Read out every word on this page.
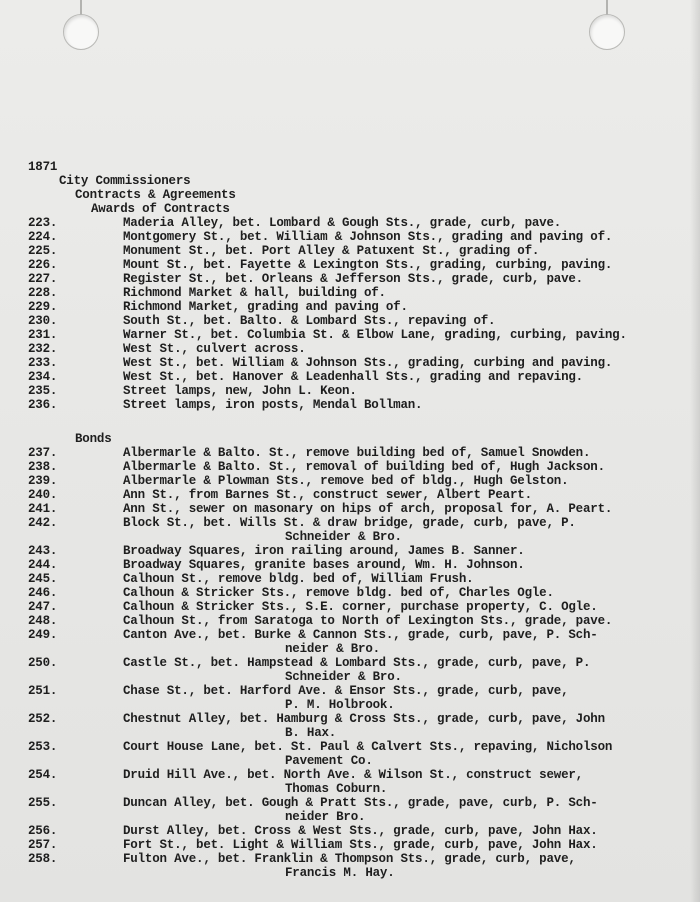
1871
City Commissioners
Contracts & Agreements
Awards of Contracts
223.	Maderia Alley, bet. Lombard & Gough Sts., grade, curb, pave.
224.	Montgomery St., bet. William & Johnson Sts., grading and paving of.
225.	Monument St., bet. Port Alley & Patuxent St., grading of.
226.	Mount St., bet. Fayette & Lexington Sts., grading, curbing, paving.
227.	Register St., bet. Orleans & Jefferson Sts., grade, curb, pave.
228.	Richmond Market & hall, building of.
229.	Richmond Market, grading and paving of.
230.	South St., bet. Balto. & Lombard Sts., repaving of.
231.	Warner St., bet. Columbia St. & Elbow Lane, grading, curbing, paving.
232.	West St., culvert across.
233.	West St., bet. William & Johnson Sts., grading, curbing and paving.
234.	West St., bet. Hanover & Leadenhall Sts., grading and repaving.
235.	Street lamps, new, John L. Keon.
236.	Street lamps, iron posts, Mendal Bollman.
Bonds
237.	Albermarle & Balto. St., remove building bed of, Samuel Snowden.
238.	Albermarle & Balto. St., removal of building bed of, Hugh Jackson.
239.	Albermarle & Plowman Sts., remove bed of bldg., Hugh Gelston.
240.	Ann St., from Barnes St., construct sewer, Albert Peart.
241.	Ann St., sewer on masonary on hips of arch, proposal for, A. Peart.
242.	Block St., bet. Wills St. & draw bridge, grade, curb, pave, P.
Schneider & Bro.
243.	Broadway Squares, iron railing around, James B. Sanner.
244.	Broadway Squares, granite bases around, Wm. H. Johnson.
245.	Calhoun St., remove bldg. bed of, William Frush.
246.	Calhoun & Stricker Sts., remove bldg. bed of, Charles Ogle.
247.	Calhoun & Stricker Sts., S.E. corner, purchase property, C. Ogle.
248.	Calhoun St., from Saratoga to North of Lexington Sts., grade, pave.
249.	Canton Ave., bet. Burke & Cannon Sts., grade, curb, pave, P. Sch-
neider & Bro.
250.	Castle St., bet. Hampstead & Lombard Sts., grade, curb, pave, P.
Schneider & Bro.
251.	Chase St., bet. Harford Ave. & Ensor Sts., grade, curb, pave,
P. M. Holbrook.
252.	Chestnut Alley, bet. Hamburg & Cross Sts., grade, curb, pave, John
B. Hax.
253.	Court House Lane, bet. St. Paul & Calvert Sts., repaving, Nicholson
Pavement Co.
254.	Druid Hill Ave., bet. North Ave. & Wilson St., construct sewer,
Thomas Coburn.
255.	Duncan Alley, bet. Gough & Pratt Sts., grade, pave, curb, P. Sch-
neider Bro.
256.	Durst Alley, bet. Cross & West Sts., grade, curb, pave, John Hax.
257.	Fort St., bet. Light & William Sts., grade, curb, pave, John Hax.
258.	Fulton Ave., bet. Franklin & Thompson Sts., grade, curb, pave,
Francis M. Hay.
